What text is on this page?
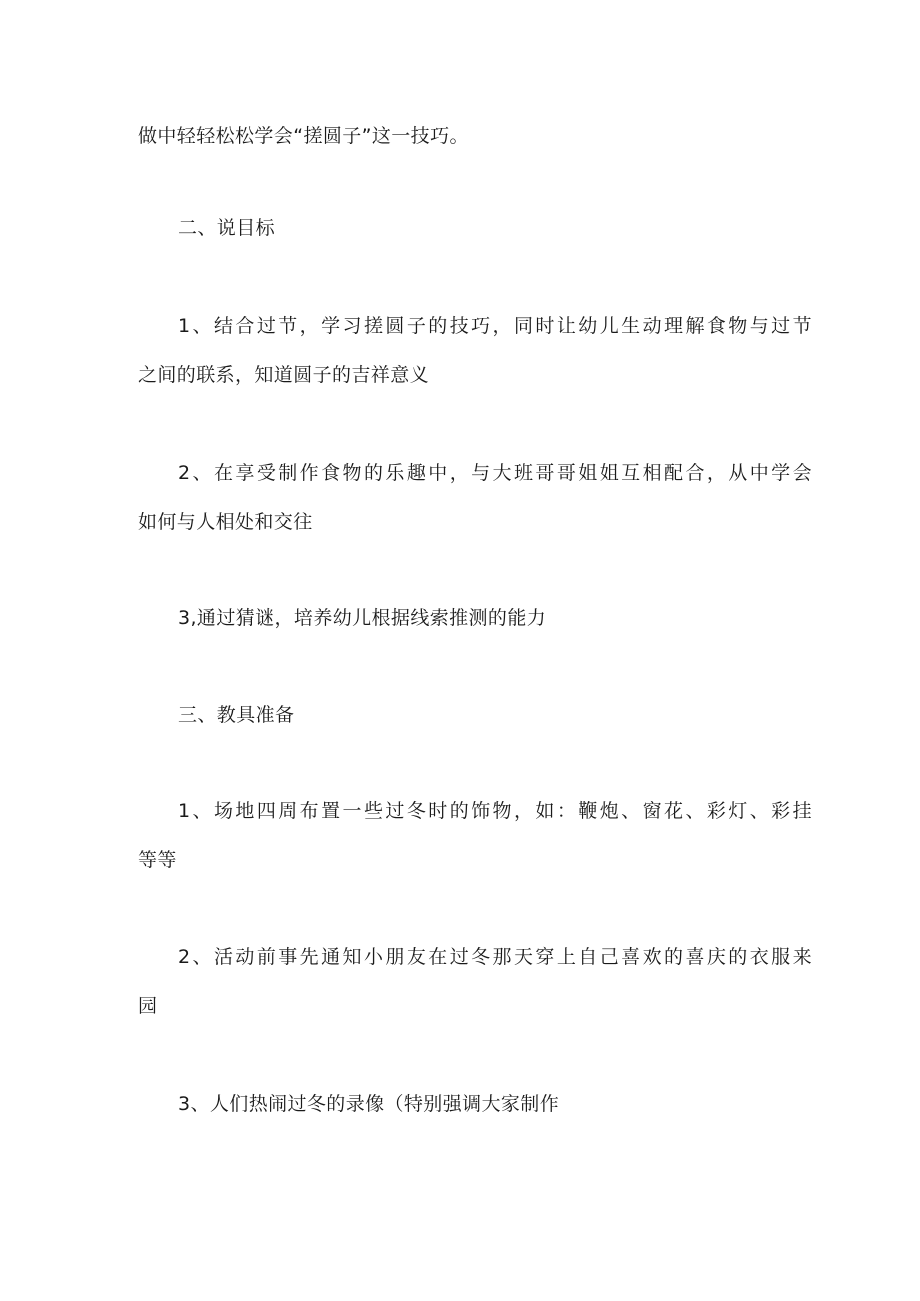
做中轻轻松松学会“搓圆子”这一技巧。
二、说目标
1、结合过节，学习搓圆子的技巧，同时让幼儿生动理解食物与过节
之间的联系，知道圆子的吉祥意义
2、在享受制作食物的乐趣中，与大班哥哥姐姐互相配合，从中学会
如何与人相处和交往
3,通过猜谜，培养幼儿根据线索推测的能力
三、教具准备
1、场地四周布置一些过冬时的饰物，如：鞭炮、窗花、彩灯、彩挂
等等
2、活动前事先通知小朋友在过冬那天穿上自己喜欢的喜庆的衣服来
园
3、人们热闹过冬的录像（特别强调大家制作
